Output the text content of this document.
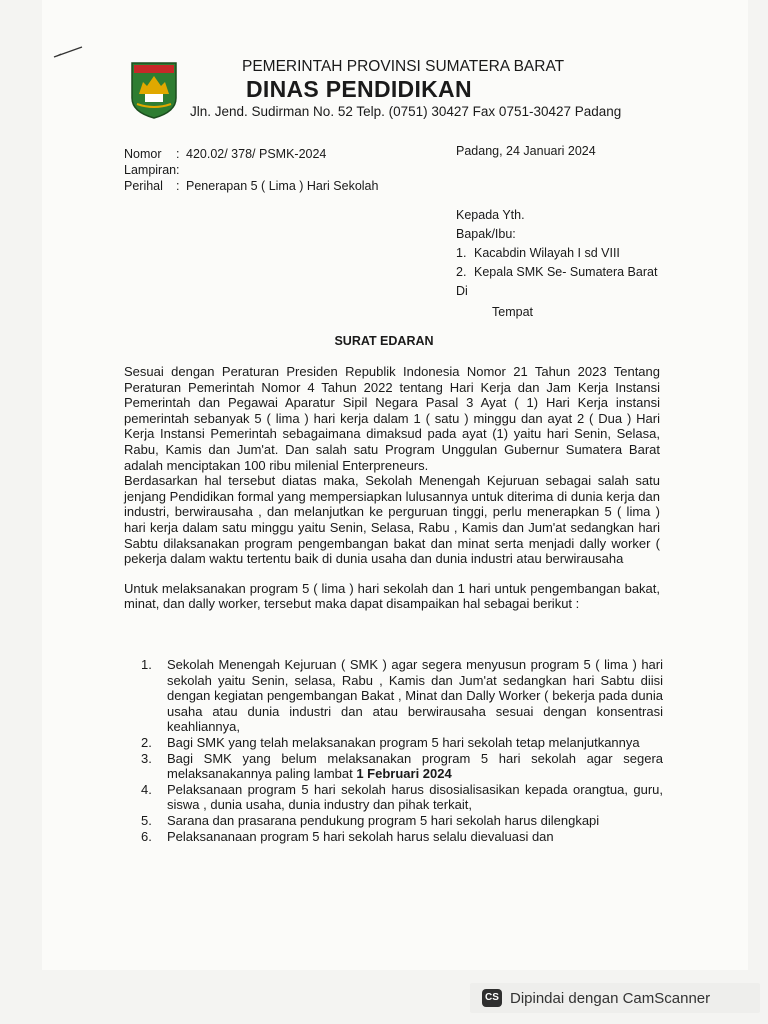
PEMERINTAH PROVINSI SUMATERA BARAT
DINAS PENDIDIKAN
Jln. Jend. Sudirman No. 52 Telp. (0751) 30427 Fax 0751-30427 Padang
Nomor	: 420.02/ 378/ PSMK-2024
Lampiran :
Perihal	: Penerapan 5 ( Lima ) Hari Sekolah
Padang, 24 Januari 2024
Kepada Yth.
Bapak/Ibu:
1. Kacabdin Wilayah I sd VIII
2. Kepala SMK Se- Sumatera Barat
Di
Tempat
SURAT EDARAN

Sesuai dengan Peraturan Presiden Republik Indonesia Nomor 21 Tahun 2023 Tentang Peraturan Pemerintah Nomor 4 Tahun 2022 tentang Hari Kerja dan Jam Kerja Instansi Pemerintah dan Pegawai Aparatur Sipil Negara Pasal 3 Ayat ( 1) Hari Kerja instansi pemerintah sebanyak 5 ( lima ) hari kerja dalam 1 ( satu ) minggu dan ayat 2 ( Dua ) Hari Kerja Instansi Pemerintah sebagaimana dimaksud pada ayat (1) yaitu hari Senin, Selasa, Rabu, Kamis dan Jum'at. Dan salah satu Program Unggulan Gubernur Sumatera Barat adalah menciptakan 100 ribu milenial Enterpreneurs.

Berdasarkan hal tersebut diatas maka, Sekolah Menengah Kejuruan sebagai salah satu jenjang Pendidikan formal yang mempersiapkan lulusannya untuk diterima di dunia kerja dan industri, berwirausaha , dan melanjutkan ke perguruan tinggi, perlu menerapkan 5 ( lima ) hari kerja dalam satu minggu yaitu Senin, Selasa, Rabu , Kamis dan Jum'at sedangkan hari Sabtu dilaksanakan program pengembangan bakat dan minat serta menjadi dally worker ( pekerja dalam waktu tertentu baik di dunia usaha dan dunia industri atau berwirausaha

Untuk melaksanakan program 5 ( lima ) hari sekolah dan 1 hari untuk pengembangan bakat, minat, dan dally worker, tersebut maka dapat disampaikan hal sebagai berikut :

1.	Sekolah Menengah Kejuruan ( SMK ) agar segera menyusun program 5 ( lima ) hari sekolah yaitu Senin, selasa, Rabu , Kamis dan Jum'at sedangkan hari Sabtu diisi dengan kegiatan pengembangan Bakat , Minat dan Dally Worker ( bekerja pada dunia usaha atau dunia industri dan atau berwirausaha sesuai dengan konsentrasi keahliannya,
2.	Bagi SMK yang telah melaksanakan program 5 hari sekolah tetap melanjutkannya
3.	Bagi SMK yang belum melaksanakan program 5 hari sekolah agar segera melaksanakannya paling lambat 1 Februari 2024
4.	Pelaksanaan program 5 hari sekolah harus disosialisasikan kepada orangtua, guru, siswa , dunia usaha, dunia industry dan pihak terkait,
5.	Sarana dan prasarana pendukung program 5 hari sekolah harus dilengkapi
6.	Pelaksananaan program 5 hari sekolah harus selalu dievaluasi dan
CS Dipindai dengan CamScanner
